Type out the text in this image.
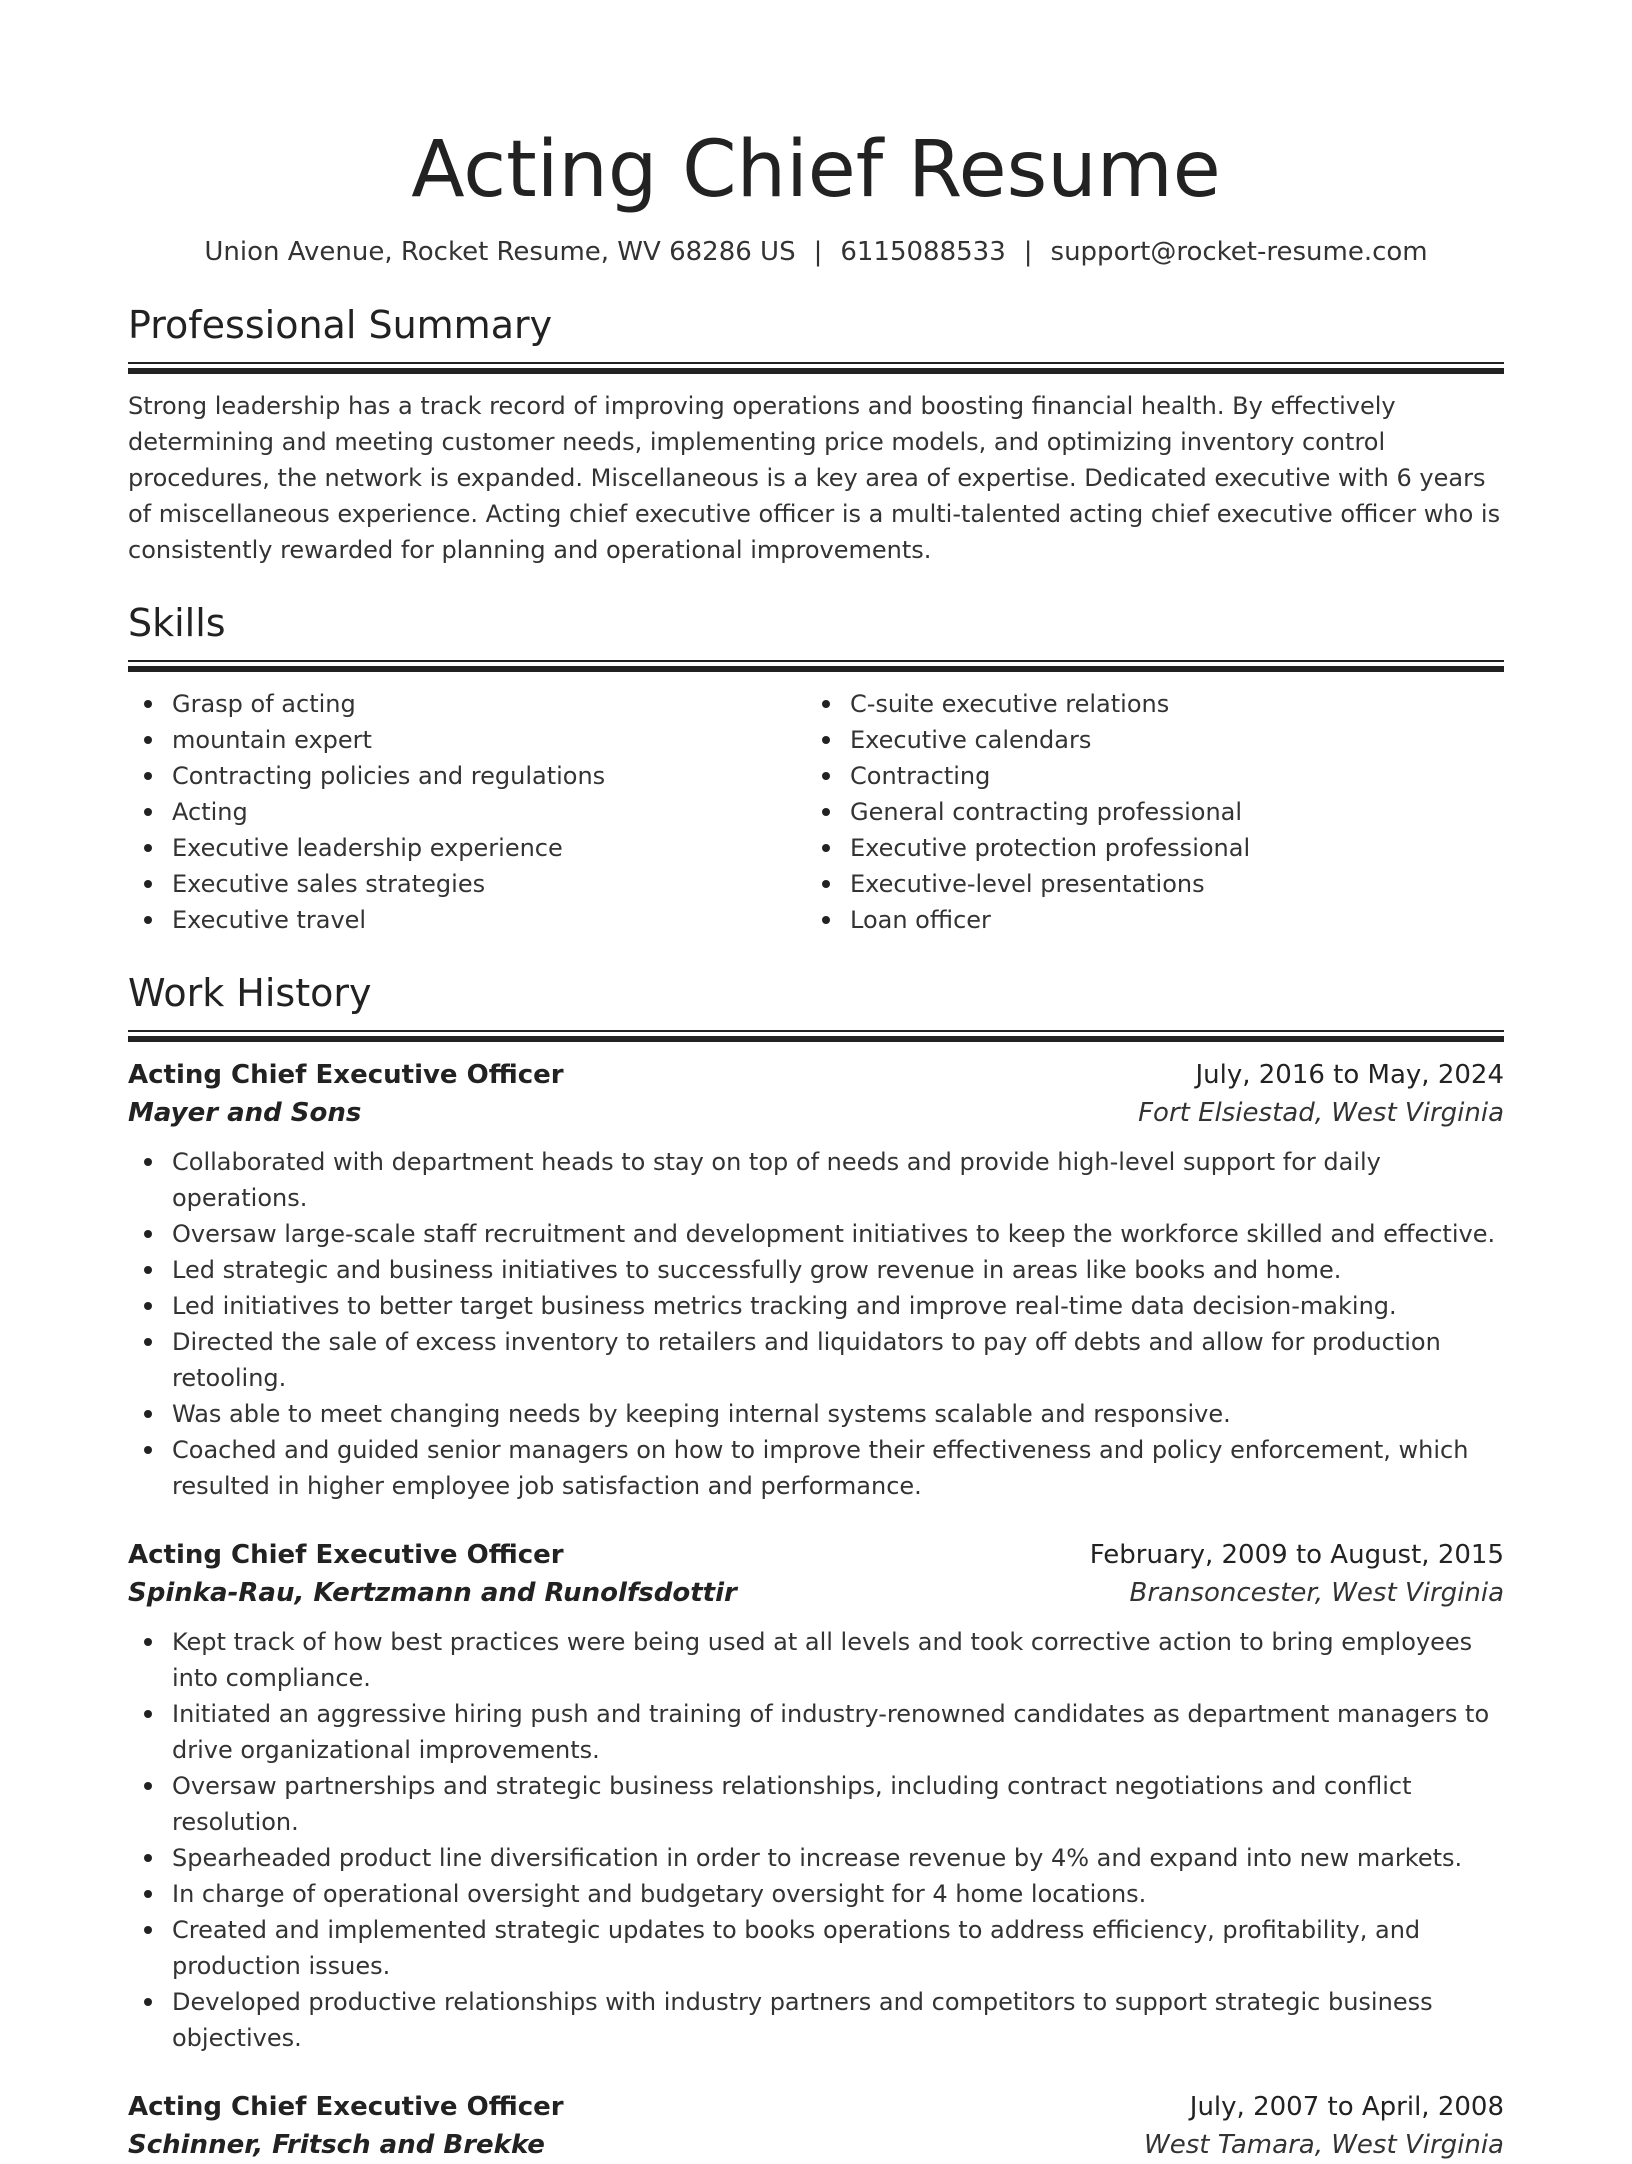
Acting Chief Resume
Union Avenue, Rocket Resume, WV 68286 US | 6115088533 | support@rocket-resume.com
Professional Summary

Strong leadership has a track record of improving operations and boosting financial health. By effectively determining and meeting customer needs, implementing price models, and optimizing inventory control procedures, the network is expanded. Miscellaneous is a key area of expertise. Dedicated executive with 6 years of miscellaneous experience. Acting chief executive officer is a multi-talented acting chief executive officer who is consistently rewarded for planning and operational improvements.

Skills
Grasp of acting
mountain expert
Contracting policies and regulations
Acting
Executive leadership experience
Executive sales strategies
Executive travel
C-suite executive relations
Executive calendars
Contracting
General contracting professional
Executive protection professional
Executive-level presentations
Loan officer
Work History
Acting Chief Executive Officer	July, 2016 to May, 2024
Mayer and Sons	Fort Elsiestad, West Virginia
Collaborated with department heads to stay on top of needs and provide high-level support for daily operations.
Oversaw large-scale staff recruitment and development initiatives to keep the workforce skilled and effective.
Led strategic and business initiatives to successfully grow revenue in areas like books and home.
Led initiatives to better target business metrics tracking and improve real-time data decision-making.
Directed the sale of excess inventory to retailers and liquidators to pay off debts and allow for production retooling.
Was able to meet changing needs by keeping internal systems scalable and responsive.
Coached and guided senior managers on how to improve their effectiveness and policy enforcement, which resulted in higher employee job satisfaction and performance.
Acting Chief Executive Officer	February, 2009 to August, 2015
Spinka-Rau, Kertzmann and Runolfsdottir	Bransoncester, West Virginia
Kept track of how best practices were being used at all levels and took corrective action to bring employees into compliance.
Initiated an aggressive hiring push and training of industry-renowned candidates as department managers to drive organizational improvements.
Oversaw partnerships and strategic business relationships, including contract negotiations and conflict resolution.
Spearheaded product line diversification in order to increase revenue by 4% and expand into new markets.
In charge of operational oversight and budgetary oversight for 4 home locations.
Created and implemented strategic updates to books operations to address efficiency, profitability, and production issues.
Developed productive relationships with industry partners and competitors to support strategic business objectives.
Acting Chief Executive Officer	July, 2007 to April, 2008
Schinner, Fritsch and Brekke	West Tamara, West Virginia
